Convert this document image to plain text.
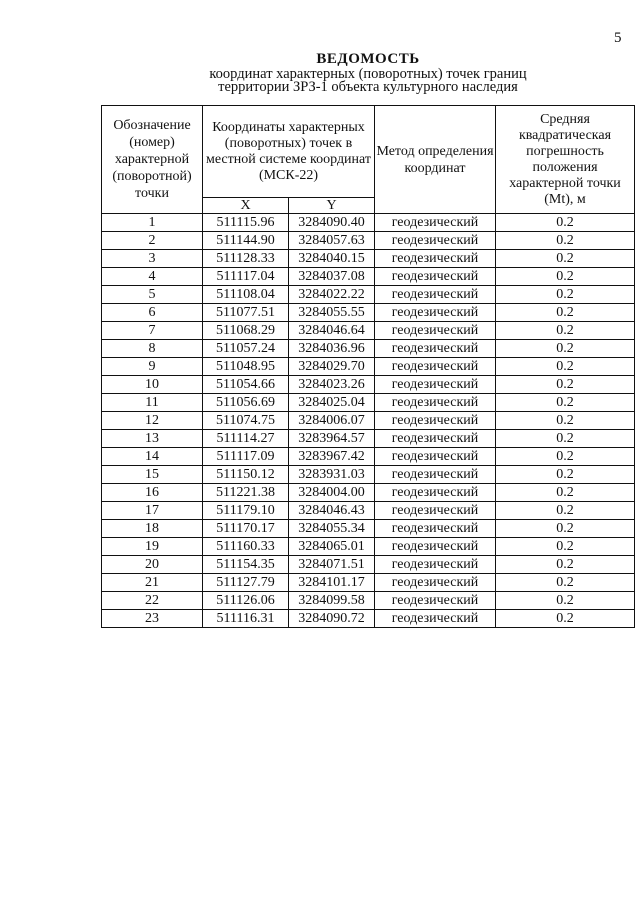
5
ВЕДОМОСТЬ
координат характерных (поворотных) точек границ
территории ЗРЗ-1 объекта культурного наследия
Обозначение (номер) характерной (поворотной) точки	Координаты характерных (поворотных) точек в местной системе координат (МСК-22)		Метод определения координат	Средняя квадратическая погрешность положения характерной точки (Mt), м
	X	Y		
1	511115.96	3284090.40	геодезический	0.2
2	511144.90	3284057.63	геодезический	0.2
3	511128.33	3284040.15	геодезический	0.2
4	511117.04	3284037.08	геодезический	0.2
5	511108.04	3284022.22	геодезический	0.2
6	511077.51	3284055.55	геодезический	0.2
7	511068.29	3284046.64	геодезический	0.2
8	511057.24	3284036.96	геодезический	0.2
9	511048.95	3284029.70	геодезический	0.2
10	511054.66	3284023.26	геодезический	0.2
11	511056.69	3284025.04	геодезический	0.2
12	511074.75	3284006.07	геодезический	0.2
13	511114.27	3283964.57	геодезический	0.2
14	511117.09	3283967.42	геодезический	0.2
15	511150.12	3283931.03	геодезический	0.2
16	511221.38	3284004.00	геодезический	0.2
17	511179.10	3284046.43	геодезический	0.2
18	511170.17	3284055.34	геодезический	0.2
19	511160.33	3284065.01	геодезический	0.2
20	511154.35	3284071.51	геодезический	0.2
21	511127.79	3284101.17	геодезический	0.2
22	511126.06	3284099.58	геодезический	0.2
23	511116.31	3284090.72	геодезический	0.2
